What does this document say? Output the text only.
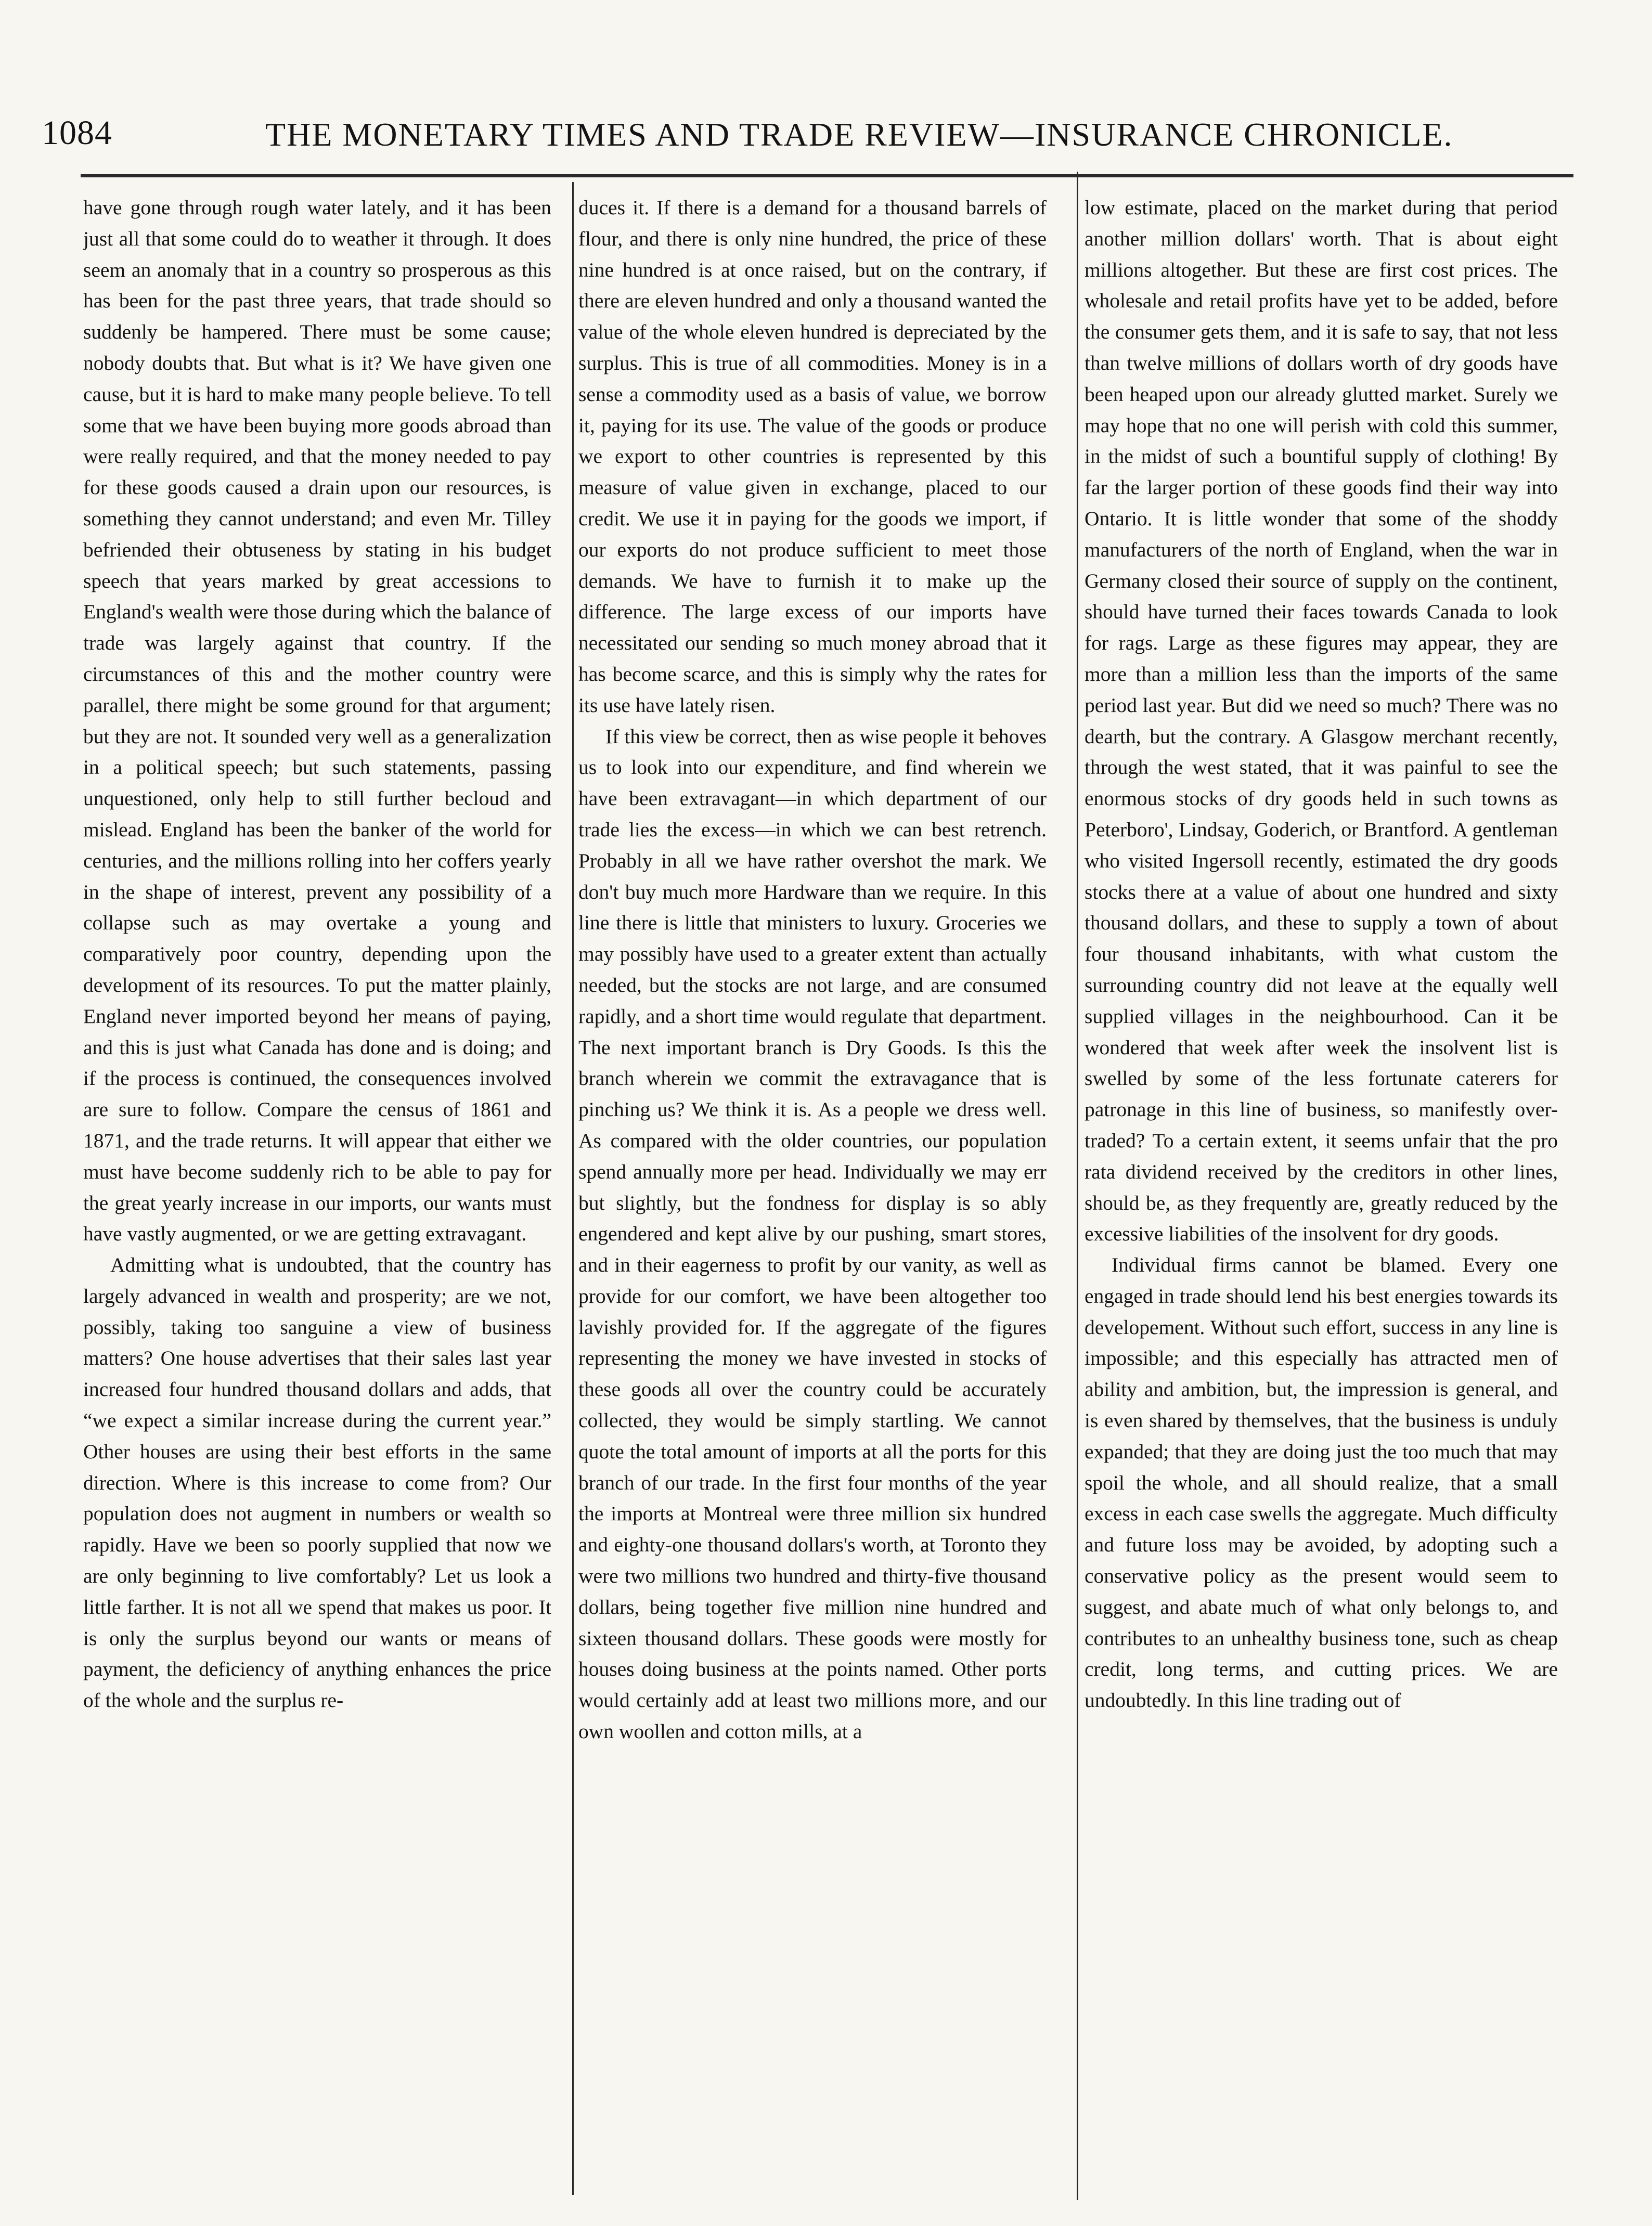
1084	THE MONETARY TIMES AND TRADE REVIEW—INSURANCE CHRONICLE.

have gone through rough water lately, and it has been just all that some could do to weather it through. It does seem an anomaly that in a country so prosperous as this has been for the past three years, that trade should so suddenly be hampered. There must be some cause; nobody doubts that. But what is it? We have given one cause, but it is hard to make many people believe. To tell some that we have been buying more goods abroad than were really required, and that the money needed to pay for these goods caused a drain upon our resources, is something they cannot understand; and even Mr. Tilley befriended their obtuseness by stating in his budget speech that years marked by great accessions to England's wealth were those during which the balance of trade was largely against that country. If the circumstances of this and the mother country were parallel, there might be some ground for that argument; but they are not. It sounded very well as a generalization in a political speech; but such statements, passing unquestioned, only help to still further becloud and mislead. England has been the banker of the world for centuries, and the millions rolling into her coffers yearly in the shape of interest, prevent any possibility of a collapse such as may overtake a young and comparatively poor country, depending upon the development of its resources. To put the matter plainly, England never imported beyond her means of paying, and this is just what Canada has done and is doing; and if the process is continued, the consequences involved are sure to follow. Compare the census of 1861 and 1871, and the trade returns. It will appear that either we must have become suddenly rich to be able to pay for the great yearly increase in our imports, our wants must have vastly augmented, or we are getting extravagant.

Admitting what is undoubted, that the country has largely advanced in wealth and prosperity; are we not, possibly, taking too sanguine a view of business matters? One house advertises that their sales last year increased four hundred thousand dollars and adds, that “we expect a similar increase during the current year.” Other houses are using their best efforts in the same direction. Where is this increase to come from? Our population does not augment in numbers or wealth so rapidly. Have we been so poorly supplied that now we are only beginning to live comfortably? Let us look a little farther. It is not all we spend that makes us poor. It is only the surplus beyond our wants or means of payment, the deficiency of anything enhances the price of the whole and the surplus re-

duces it. If there is a demand for a thousand barrels of flour, and there is only nine hundred, the price of these nine hundred is at once raised, but on the contrary, if there are eleven hundred and only a thousand wanted the value of the whole eleven hundred is depreciated by the surplus. This is true of all commodities. Money is in a sense a commodity used as a basis of value, we borrow it, paying for its use. The value of the goods or produce we export to other countries is represented by this measure of value given in exchange, placed to our credit. We use it in paying for the goods we import, if our exports do not produce sufficient to meet those demands. We have to furnish it to make up the difference. The large excess of our imports have necessitated our sending so much money abroad that it has become scarce, and this is simply why the rates for its use have lately risen.

If this view be correct, then as wise people it behoves us to look into our expenditure, and find wherein we have been extravagant—in which department of our trade lies the excess—in which we can best retrench. Probably in all we have rather overshot the mark. We don't buy much more Hardware than we require. In this line there is little that ministers to luxury. Groceries we may possibly have used to a greater extent than actually needed, but the stocks are not large, and are consumed rapidly, and a short time would regulate that department. The next important branch is Dry Goods. Is this the branch wherein we commit the extravagance that is pinching us? We think it is. As a people we dress well. As compared with the older countries, our population spend annually more per head. Individually we may err but slightly, but the fondness for display is so ably engendered and kept alive by our pushing, smart stores, and in their eagerness to profit by our vanity, as well as provide for our comfort, we have been altogether too lavishly provided for. If the aggregate of the figures representing the money we have invested in stocks of these goods all over the country could be accurately collected, they would be simply startling. We cannot quote the total amount of imports at all the ports for this branch of our trade. In the first four months of the year the imports at Montreal were three million six hundred and eighty-one thousand dollars's worth, at Toronto they were two millions two hundred and thirty-five thousand dollars, being together five million nine hundred and sixteen thousand dollars. These goods were mostly for houses doing business at the points named. Other ports would certainly add at least two millions more, and our own woollen and cotton mills, at a

low estimate, placed on the market during that period another million dollars' worth. That is about eight millions altogether. But these are first cost prices. The wholesale and retail profits have yet to be added, before the consumer gets them, and it is safe to say, that not less than twelve millions of dollars worth of dry goods have been heaped upon our already glutted market. Surely we may hope that no one will perish with cold this summer, in the midst of such a bountiful supply of clothing! By far the larger portion of these goods find their way into Ontario. It is little wonder that some of the shoddy manufacturers of the north of England, when the war in Germany closed their source of supply on the continent, should have turned their faces towards Canada to look for rags. Large as these figures may appear, they are more than a million less than the imports of the same period last year. But did we need so much? There was no dearth, but the contrary. A Glasgow merchant recently, through the west stated, that it was painful to see the enormous stocks of dry goods held in such towns as Peterboro', Lindsay, Goderich, or Brantford. A gentleman who visited Ingersoll recently, estimated the dry goods stocks there at a value of about one hundred and sixty thousand dollars, and these to supply a town of about four thousand inhabitants, with what custom the surrounding country did not leave at the equally well supplied villages in the neighbourhood. Can it be wondered that week after week the insolvent list is swelled by some of the less fortunate caterers for patronage in this line of business, so manifestly over-traded? To a certain extent, it seems unfair that the pro rata dividend received by the creditors in other lines, should be, as they frequently are, greatly reduced by the excessive liabilities of the insolvent for dry goods.

Individual firms cannot be blamed. Every one engaged in trade should lend his best energies towards its developement. Without such effort, success in any line is impossible; and this especially has attracted men of ability and ambition, but, the impression is general, and is even shared by themselves, that the business is unduly expanded; that they are doing just the too much that may spoil the whole, and all should realize, that a small excess in each case swells the aggregate. Much difficulty and future loss may be avoided, by adopting such a conservative policy as the present would seem to suggest, and abate much of what only belongs to, and contributes to an unhealthy business tone, such as cheap credit, long terms, and cutting prices. We are undoubtedly. In this line trading out of
